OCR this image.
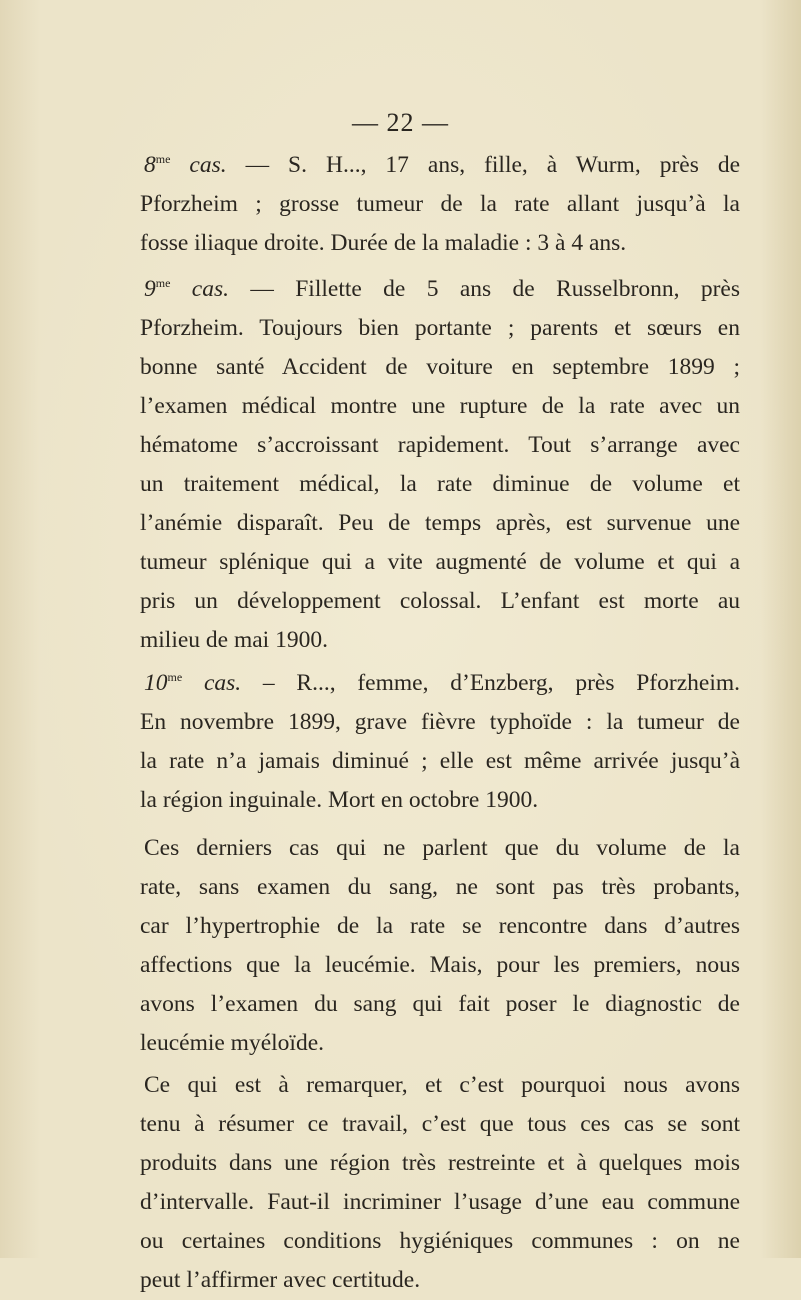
— 22 —
$8^{me}$ cas. — S. H..., 17 ans, fille, à Wurm, près de
Pforzheim ; grosse tumeur de la rate allant jusqu’à la
fosse iliaque droite. Durée de la maladie : 3 à 4 ans.
$9^{me}$ cas. — Fillette de 5 ans de Russelbronn, près
Pforzheim. Toujours bien portante ; parents et sœurs en
bonne santé Accident de voiture en septembre 1899 ;
l’examen médical montre une rupture de la rate avec un
hématome s’accroissant rapidement. Tout s’arrange avec
un traitement médical, la rate diminue de volume et
l’anémie disparaît. Peu de temps après, est survenue une
tumeur splénique qui a vite augmenté de volume et qui a
pris un développement colossal. L’enfant est morte au
milieu de mai 1900.
$10^{me}$ cas. – R..., femme, d’Enzberg, près Pforzheim.
En novembre 1899, grave fièvre typhoïde : la tumeur de
la rate n’a jamais diminué ; elle est même arrivée jusqu’à
la région inguinale. Mort en octobre 1900.
Ces derniers cas qui ne parlent que du volume de la
rate, sans examen du sang, ne sont pas très probants,
car l’hypertrophie de la rate se rencontre dans d’autres
affections que la leucémie. Mais, pour les premiers, nous
avons l’examen du sang qui fait poser le diagnostic de
leucémie myéloïde.
Ce qui est à remarquer, et c’est pourquoi nous avons
tenu à résumer ce travail, c’est que tous ces cas se sont
produits dans une région très restreinte et à quelques mois
d’intervalle. Faut-il incriminer l’usage d’une eau commune
ou certaines conditions hygiéniques communes : on ne
peut l’affirmer avec certitude.
